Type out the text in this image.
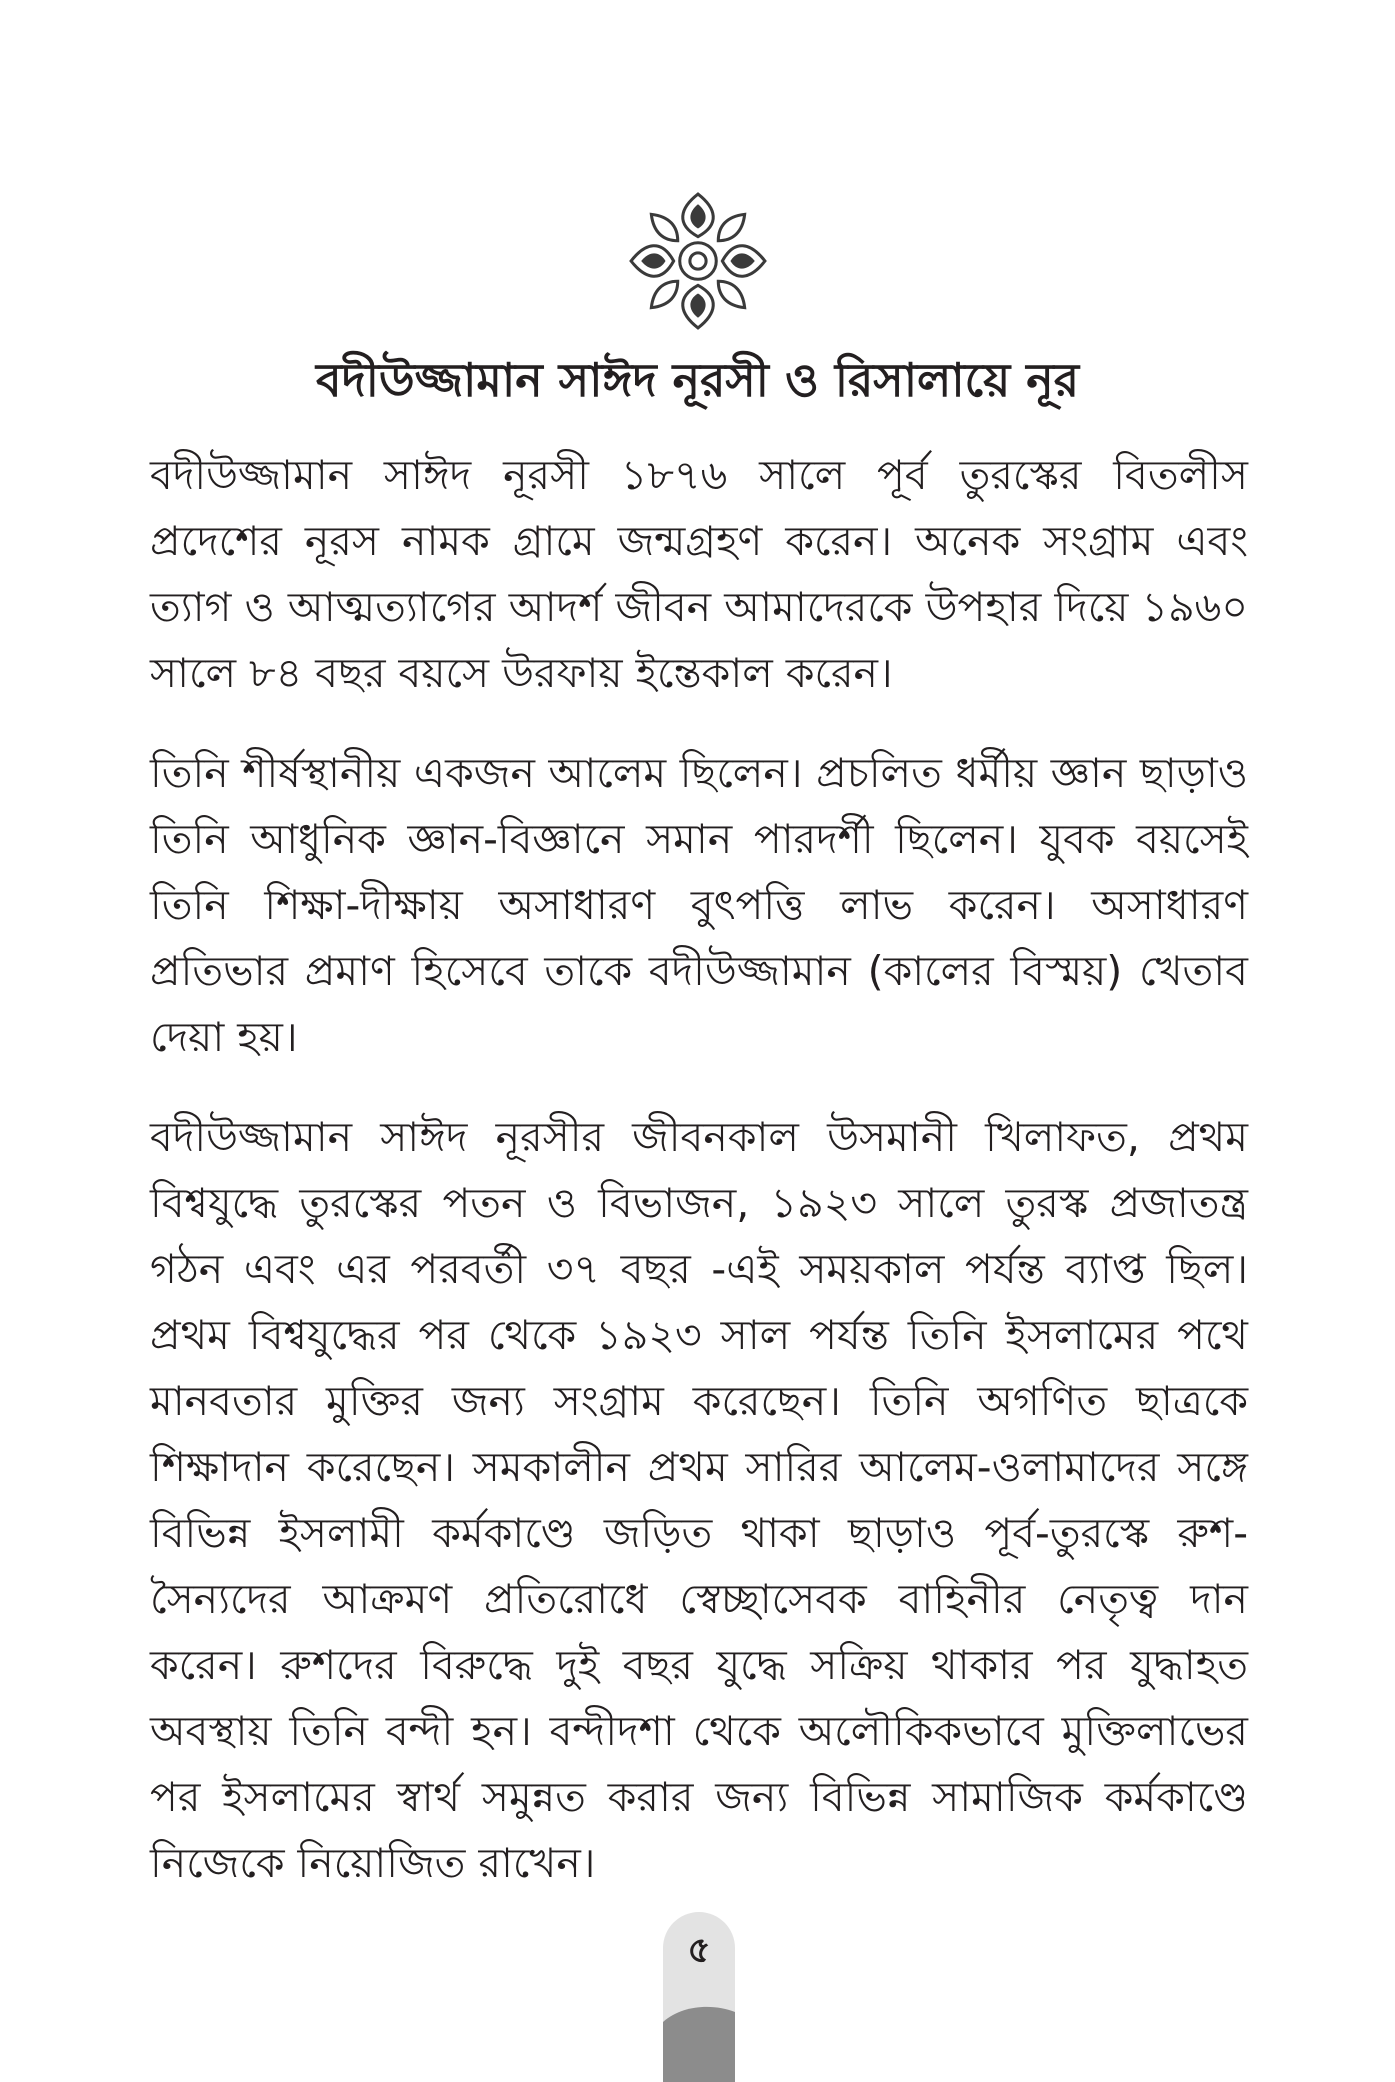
বদীউজ্জামান সাঈদ নূরসী ও রিসালায়ে নূর

বদীউজ্জামান সাঈদ নূরসী ১৮৭৬ সালে পূর্ব তুরস্কের বিতলীস প্রদেশের নূরস নামক গ্রামে জন্মগ্রহণ করেন। অনেক সংগ্রাম এবং ত্যাগ ও আত্মত্যাগের আদর্শ জীবন আমাদেরকে উপহার দিয়ে ১৯৬০ সালে ৮৪ বছর বয়সে উরফায় ইন্তেকাল করেন।

তিনি শীর্ষস্থানীয় একজন আলেম ছিলেন। প্রচলিত ধর্মীয় জ্ঞান ছাড়াও তিনি আধুনিক জ্ঞান-বিজ্ঞানে সমান পারদর্শী ছিলেন। যুবক বয়সেই তিনি শিক্ষা-দীক্ষায় অসাধারণ বুৎপত্তি লাভ করেন। অসাধারণ প্রতিভার প্রমাণ হিসেবে তাকে বদীউজ্জামান (কালের বিস্ময়) খেতাব দেয়া হয়।

বদীউজ্জামান সাঈদ নূরসীর জীবনকাল উসমানী খিলাফত, প্রথম বিশ্বযুদ্ধে তুরস্কের পতন ও বিভাজন, ১৯২৩ সালে তুরস্ক প্রজাতন্ত্র গঠন এবং এর পরবর্তী ৩৭ বছর -এই সময়কাল পর্যন্ত ব্যাপ্ত ছিল। প্রথম বিশ্বযুদ্ধের পর থেকে ১৯২৩ সাল পর্যন্ত তিনি ইসলামের পথে মানবতার মুক্তির জন্য সংগ্রাম করেছেন। তিনি অগণিত ছাত্রকে শিক্ষাদান করেছেন। সমকালীন প্রথম সারির আলেম-ওলামাদের সঙ্গে বিভিন্ন ইসলামী কর্মকাণ্ডে জড়িত থাকা ছাড়াও পূর্ব-তুরস্কে রুশ-সৈন্যদের আক্রমণ প্রতিরোধে স্বেচ্ছাসেবক বাহিনীর নেতৃত্ব দান করেন। রুশদের বিরুদ্ধে দুই বছর যুদ্ধে সক্রিয় থাকার পর যুদ্ধাহত অবস্থায় তিনি বন্দী হন। বন্দীদশা থেকে অলৌকিকভাবে মুক্তিলাভের পর ইসলামের স্বার্থ সমুন্নত করার জন্য বিভিন্ন সামাজিক কর্মকাণ্ডে নিজেকে নিয়োজিত রাখেন।

৫
